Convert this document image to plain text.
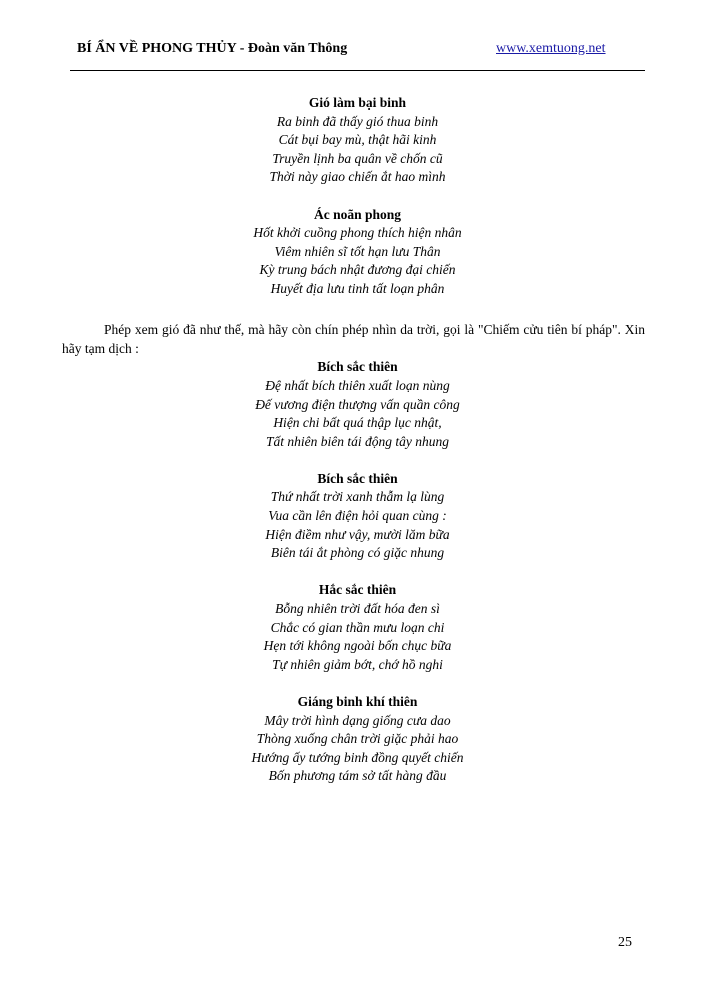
BÍ ẨN VỀ PHONG THỦY - Đoàn văn Thông	www.xemtuong.net
Gió làm bại binh
Ra binh đã thấy gió thua binh
Cát bụi bay mù, thật hãi kinh
Truyền lịnh ba quân về chốn cũ
Thời này giao chiến ắt hao mình
Ác noãn phong
Hốt khởi cuồng phong thích hiện nhân
Viêm nhiên sĩ tốt hạn lưu Thân
Kỳ trung bách nhật đương đại chiến
Huyết địa lưu tinh tất loạn phân
Phép xem gió đã như thế, mà hãy còn chín phép nhìn da trời, gọi là "Chiếm cửu tiên bí pháp". Xin hãy tạm dịch :
Bích sắc thiên
Đệ nhất bích thiên xuất loạn nùng
Đế vương điện thượng vấn quần công
Hiện chi bất quá thập lục nhật,
Tất nhiên biên tái động tây nhung
Bích sắc thiên
Thứ nhất trời xanh thẫm lạ lùng
Vua cần lên điện hỏi quan cùng :
Hiện điềm như vậy, mười lăm bữa
Biên tái ắt phòng có giặc nhung
Hắc sắc thiên
Bỗng nhiên trời đất hóa đen sì
Chắc có gian thần mưu loạn chi
Hẹn tới không ngoài bốn chục bữa
Tự nhiên giảm bớt, chớ hồ nghi
Giáng binh khí thiên
Mây trời hình dạng giống cưa dao
Thòng xuống chân trời giặc phải hao
Hướng ấy tướng binh đồng quyết chiến
Bốn phương tám sở tất hàng đầu
25
